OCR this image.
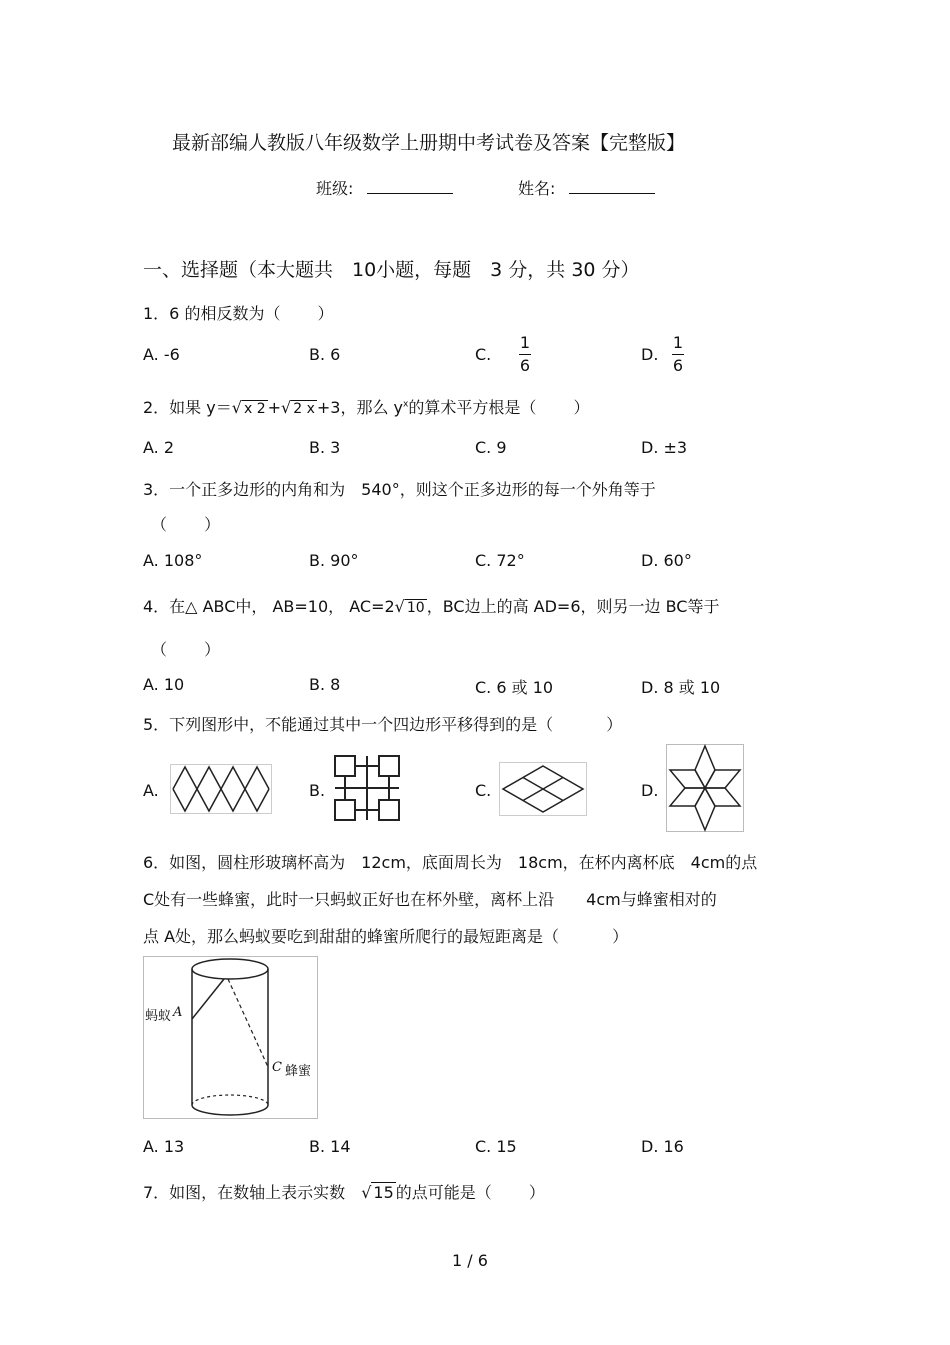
最新部编人教版八年级数学上册期中考试卷及答案【完整版】
班级:	姓名:
一、选择题（本大题共　10小题，每题　3 分，共 30 分）
1．6 的相反数为（　　 ）
A. -6	B. 6	C.
1
6
D.
1
6
2．如果 y＝√ x 2 +√ 2 x +3，那么 $y^x$的算术平方根是（　　 ）
A. 2	B. 3	C. 9	D. ±3
3．一个正多边形的内角和为　540°，则这个正多边形的每一个外角等于
（　　 ）
A. 108°	B. 90°	C. 72°	D. 60°
4．在△ ABC中， AB=10， AC=2√ 10 ，BC边上的高 AD=6，则另一边 BC等于
（　　 ）
A. 10	B. 8	C. 6 或 10	D. 8 或 10
5．下列图形中，不能通过其中一个四边形平移得到的是（　　　 ）
A.	B.	C.	D.
6．如图，圆柱形玻璃杯高为　12cm，底面周长为　18cm，在杯内离杯底　4cm的点
C处有一些蜂蜜，此时一只蚂蚁正好也在杯外壁，离杯上沿　　4cm与蜂蜜相对的
点 A处，那么蚂蚁要吃到甜甜的蜂蜜所爬行的最短距离是（　　　 ）
蚂蚁 A
C 蜂蜜
A. 13	B. 14	C. 15	D. 16
7．如图，在数轴上表示实数　√ 15 的点可能是（　　 ）
1 / 6
